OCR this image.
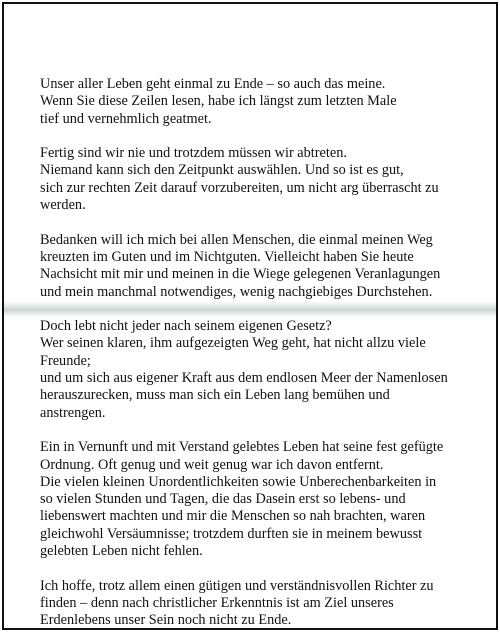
Unser aller Leben geht einmal zu Ende – so auch das meine.
Wenn Sie diese Zeilen lesen, habe ich längst zum letzten Male
tief und vernehmlich geatmet.

Fertig sind wir nie und trotzdem müssen wir abtreten.
Niemand kann sich den Zeitpunkt auswählen. Und so ist es gut,
sich zur rechten Zeit darauf vorzubereiten, um nicht arg überrascht zu
werden.

Bedanken will ich mich bei allen Menschen, die einmal meinen Weg
kreuzten im Guten und im Nichtguten. Vielleicht haben Sie heute
Nachsicht mit mir und meinen in die Wiege gelegenen Veranlagungen
und mein manchmal notwendiges, wenig nachgiebiges Durchstehen.

Doch lebt nicht jeder nach seinem eigenen Gesetz?
Wer seinen klaren, ihm aufgezeigten Weg geht, hat nicht allzu viele
Freunde;
und um sich aus eigener Kraft aus dem endlosen Meer der Namenlosen
herauszurecken, muss man sich ein Leben lang bemühen und
anstrengen.

Ein in Vernunft und mit Verstand gelebtes Leben hat seine fest gefügte
Ordnung. Oft genug und weit genug war ich davon entfernt.
Die vielen kleinen Unordentlichkeiten sowie Unberechenbarkeiten in
so vielen Stunden und Tagen, die das Dasein erst so lebens- und
liebenswert machten und mir die Menschen so nah brachten, waren
gleichwohl Versäumnisse; trotzdem durften sie in meinem bewusst
gelebten Leben nicht fehlen.

Ich hoffe, trotz allem einen gütigen und verständnisvollen Richter zu
finden – denn nach christlicher Erkenntnis ist am Ziel unseres
Erdenlebens unser Sein noch nicht zu Ende.
